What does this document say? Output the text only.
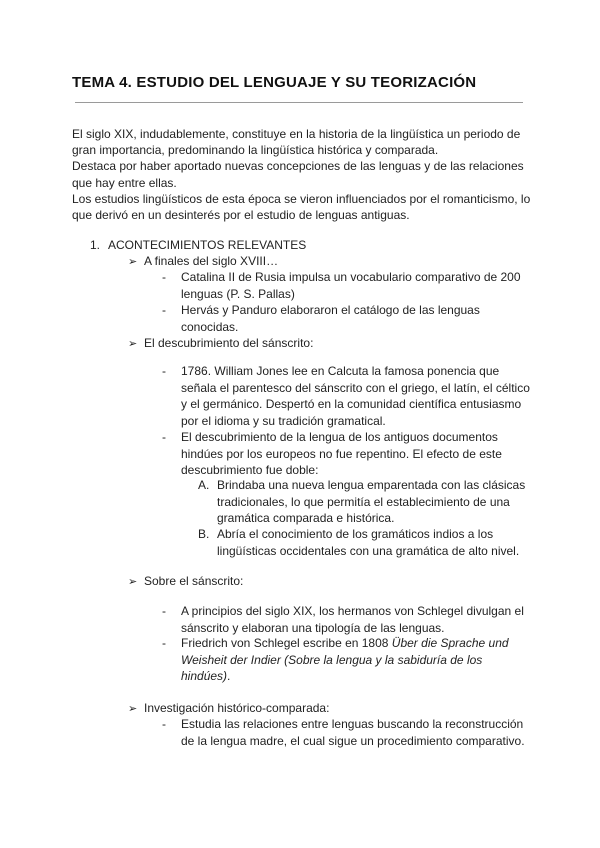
TEMA 4. ESTUDIO DEL LENGUAJE Y SU TEORIZACIÓN

El siglo XIX, indudablemente, constituye en la historia de la lingüística un periodo de gran importancia, predominando la lingüística histórica y comparada.

Destaca por haber aportado nuevas concepciones de las lenguas y de las relaciones que hay entre ellas.

Los estudios lingüísticos de esta época se vieron influenciados por el romanticismo, lo que derivó en un desinterés por el estudio de lenguas antiguas.

1. ACONTECIMIENTOS RELEVANTES
➢ A finales del siglo XVIII…
- Catalina II de Rusia impulsa un vocabulario comparativo de 200 lenguas (P. S. Pallas)
- Hervás y Panduro elaboraron el catálogo de las lenguas conocidas.
➢ El descubrimiento del sánscrito:
- 1786. William Jones lee en Calcuta la famosa ponencia que señala el parentesco del sánscrito con el griego, el latín, el céltico y el germánico. Despertó en la comunidad científica entusiasmo por el idioma y su tradición gramatical.
- El descubrimiento de la lengua de los antiguos documentos hindúes por los europeos no fue repentino. El efecto de este descubrimiento fue doble:
A. Brindaba una nueva lengua emparentada con las clásicas tradicionales, lo que permitía el establecimiento de una gramática comparada e histórica.
B. Abría el conocimiento de los gramáticos indios a los lingüísticas occidentales con una gramática de alto nivel.
➢ Sobre el sánscrito:
- A principios del siglo XIX, los hermanos von Schlegel divulgan el sánscrito y elaboran una tipología de las lenguas.
- Friedrich von Schlegel escribe en 1808 Über die Sprache und Weisheit der Indier (Sobre la lengua y la sabiduría de los hindúes).
➢ Investigación histórico-comparada:
- Estudia las relaciones entre lenguas buscando la reconstrucción de la lengua madre, el cual sigue un procedimiento comparativo.
